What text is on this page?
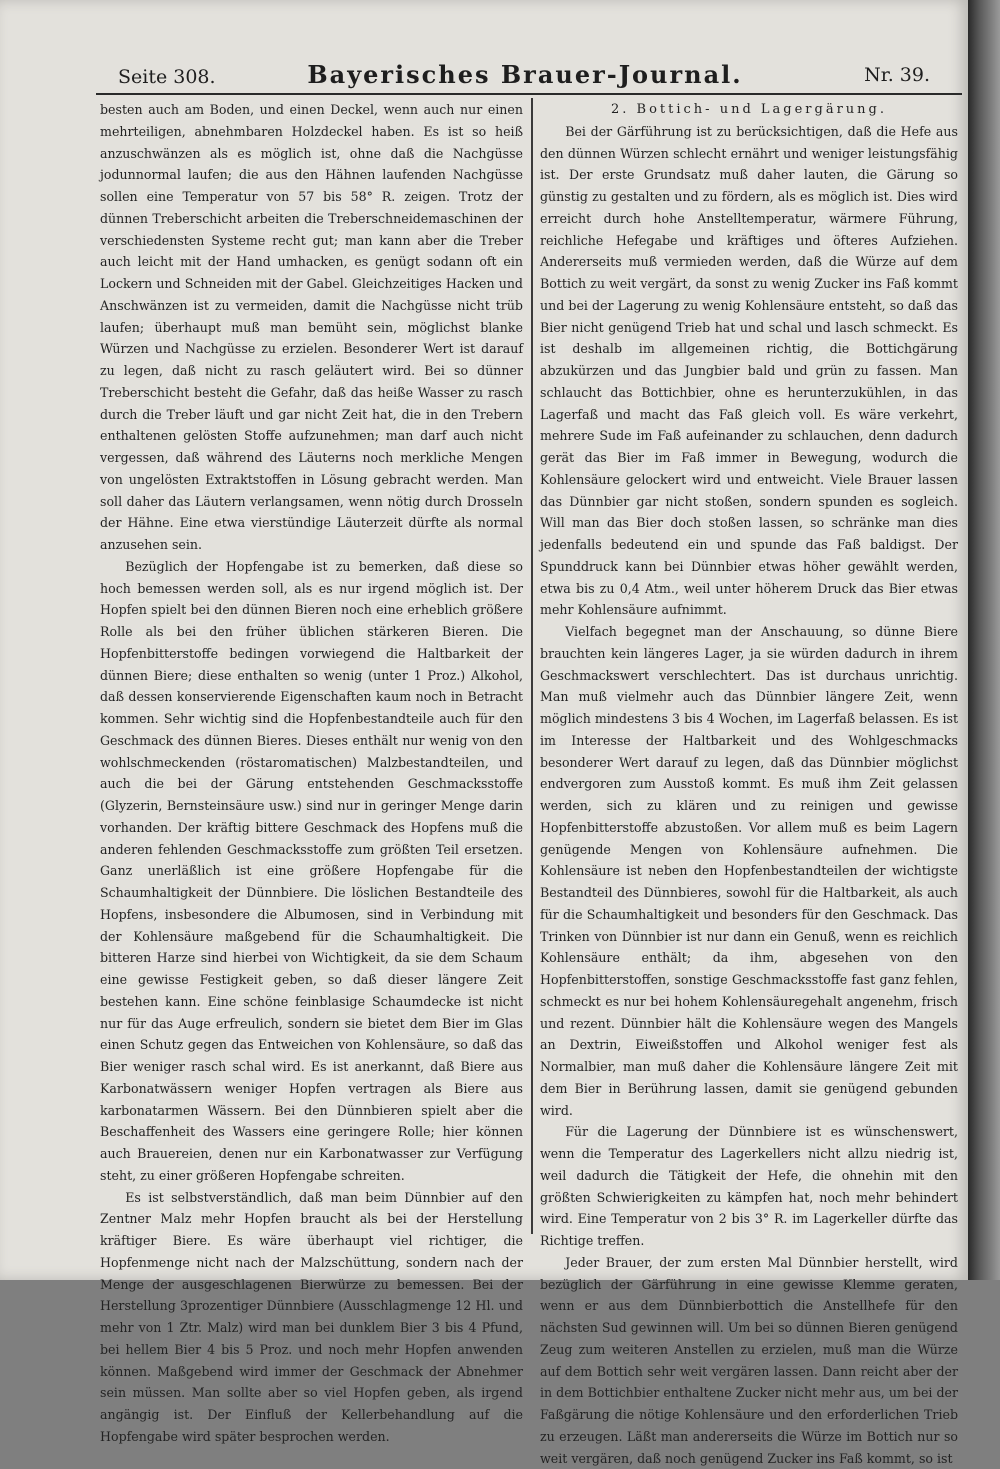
Seite 308.	Bayerisches Brauer-Journal.	Nr. 39.

besten auch am Boden, und einen Deckel, wenn auch nur einen mehrteiligen, abnehmbaren Holzdeckel haben. Es ist so heiß anzuschwänzen als es möglich ist, ohne daß die Nachgüsse jodunnormal laufen; die aus den Hähnen laufenden Nachgüsse sollen eine Temperatur von 57 bis 58° R. zeigen. Trotz der dünnen Treberschicht arbeiten die Treberschneidemaschinen der verschiedensten Systeme recht gut; man kann aber die Treber auch leicht mit der Hand umhacken, es genügt sodann oft ein Lockern und Schneiden mit der Gabel. Gleichzeitiges Hacken und Anschwänzen ist zu vermeiden, damit die Nachgüsse nicht trüb laufen; überhaupt muß man bemüht sein, möglichst blanke Würzen und Nachgüsse zu erzielen. Besonderer Wert ist darauf zu legen, daß nicht zu rasch geläutert wird. Bei so dünner Treberschicht besteht die Gefahr, daß das heiße Wasser zu rasch durch die Treber läuft und gar nicht Zeit hat, die in den Trebern enthaltenen gelösten Stoffe aufzunehmen; man darf auch nicht vergessen, daß während des Läuterns noch merkliche Mengen von ungelösten Extraktstoffen in Lösung gebracht werden. Man soll daher das Läutern verlangsamen, wenn nötig durch Drosseln der Hähne. Eine etwa vierstündige Läuterzeit dürfte als normal anzusehen sein.

Bezüglich der Hopfengabe ist zu bemerken, daß diese so hoch bemessen werden soll, als es nur irgend möglich ist. Der Hopfen spielt bei den dünnen Bieren noch eine erheblich größere Rolle als bei den früher üblichen stärkeren Bieren. Die Hopfenbitterstoffe bedingen vorwiegend die Haltbarkeit der dünnen Biere; diese enthalten so wenig (unter 1 Proz.) Alkohol, daß dessen konservierende Eigenschaften kaum noch in Betracht kommen. Sehr wichtig sind die Hopfenbestandteile auch für den Geschmack des dünnen Bieres. Dieses enthält nur wenig von den wohlschmeckenden (röstaromatischen) Malzbestandteilen, und auch die bei der Gärung entstehenden Geschmacksstoffe (Glyzerin, Bernsteinsäure usw.) sind nur in geringer Menge darin vorhanden. Der kräftig bittere Geschmack des Hopfens muß die anderen fehlenden Geschmacksstoffe zum größten Teil ersetzen. Ganz unerläßlich ist eine größere Hopfengabe für die Schaumhaltigkeit der Dünnbiere. Die löslichen Bestandteile des Hopfens, insbesondere die Albumosen, sind in Verbindung mit der Kohlensäure maßgebend für die Schaumhaltigkeit. Die bitteren Harze sind hierbei von Wichtigkeit, da sie dem Schaum eine gewisse Festigkeit geben, so daß dieser längere Zeit bestehen kann. Eine schöne feinblasige Schaumdecke ist nicht nur für das Auge erfreulich, sondern sie bietet dem Bier im Glas einen Schutz gegen das Entweichen von Kohlensäure, so daß das Bier weniger rasch schal wird. Es ist anerkannt, daß Biere aus Karbonatwässern weniger Hopfen vertragen als Biere aus karbonatarmen Wässern. Bei den Dünnbieren spielt aber die Beschaffenheit des Wassers eine geringere Rolle; hier können auch Brauereien, denen nur ein Karbonatwasser zur Verfügung steht, zu einer größeren Hopfengabe schreiten.

Es ist selbstverständlich, daß man beim Dünnbier auf den Zentner Malz mehr Hopfen braucht als bei der Herstellung kräftiger Biere. Es wäre überhaupt viel richtiger, die Hopfenmenge nicht nach der Malzschüttung, sondern nach der Menge der ausgeschlagenen Bierwürze zu bemessen. Bei der Herstellung 3prozentiger Dünnbiere (Ausschlagmenge 12 Hl. und mehr von 1 Ztr. Malz) wird man bei dunklem Bier 3 bis 4 Pfund, bei hellem Bier 4 bis 5 Proz. und noch mehr Hopfen anwenden können. Maßgebend wird immer der Geschmack der Abnehmer sein müssen. Man sollte aber so viel Hopfen geben, als irgend angängig ist. Der Einfluß der Kellerbehandlung auf die Hopfengabe wird später besprochen werden.

2. Bottich- und Lagergärung.

Bei der Gärführung ist zu berücksichtigen, daß die Hefe aus den dünnen Würzen schlecht ernährt und weniger leistungsfähig ist. Der erste Grundsatz muß daher lauten, die Gärung so günstig zu gestalten und zu fördern, als es möglich ist. Dies wird erreicht durch hohe Anstelltemperatur, wärmere Führung, reichliche Hefegabe und kräftiges und öfteres Aufziehen. Andererseits muß vermieden werden, daß die Würze auf dem Bottich zu weit vergärt, da sonst zu wenig Zucker ins Faß kommt und bei der Lagerung zu wenig Kohlensäure entsteht, so daß das Bier nicht genügend Trieb hat und schal und lasch schmeckt. Es ist deshalb im allgemeinen richtig, die Bottichgärung abzukürzen und das Jungbier bald und grün zu fassen. Man schlaucht das Bottichbier, ohne es herunterzukühlen, in das Lagerfaß und macht das Faß gleich voll. Es wäre verkehrt, mehrere Sude im Faß aufeinander zu schlauchen, denn dadurch gerät das Bier im Faß immer in Bewegung, wodurch die Kohlensäure gelockert wird und entweicht. Viele Brauer lassen das Dünnbier gar nicht stoßen, sondern spunden es sogleich. Will man das Bier doch stoßen lassen, so schränke man dies jedenfalls bedeutend ein und spunde das Faß baldigst. Der Spunddruck kann bei Dünnbier etwas höher gewählt werden, etwa bis zu 0,4 Atm., weil unter höherem Druck das Bier etwas mehr Kohlensäure aufnimmt.

Vielfach begegnet man der Anschauung, so dünne Biere brauchten kein längeres Lager, ja sie würden dadurch in ihrem Geschmackswert verschlechtert. Das ist durchaus unrichtig. Man muß vielmehr auch das Dünnbier längere Zeit, wenn möglich mindestens 3 bis 4 Wochen, im Lagerfaß belassen. Es ist im Interesse der Haltbarkeit und des Wohlgeschmacks besonderer Wert darauf zu legen, daß das Dünnbier möglichst endvergoren zum Ausstoß kommt. Es muß ihm Zeit gelassen werden, sich zu klären und zu reinigen und gewisse Hopfenbitterstoffe abzustoßen. Vor allem muß es beim Lagern genügende Mengen von Kohlensäure aufnehmen. Die Kohlensäure ist neben den Hopfenbestandteilen der wichtigste Bestandteil des Dünnbieres, sowohl für die Haltbarkeit, als auch für die Schaumhaltigkeit und besonders für den Geschmack. Das Trinken von Dünnbier ist nur dann ein Genuß, wenn es reichlich Kohlensäure enthält; da ihm, abgesehen von den Hopfenbitterstoffen, sonstige Geschmacksstoffe fast ganz fehlen, schmeckt es nur bei hohem Kohlensäuregehalt angenehm, frisch und rezent. Dünnbier hält die Kohlensäure wegen des Mangels an Dextrin, Eiweißstoffen und Alkohol weniger fest als Normalbier, man muß daher die Kohlensäure längere Zeit mit dem Bier in Berührung lassen, damit sie genügend gebunden wird.

Für die Lagerung der Dünnbiere ist es wünschenswert, wenn die Temperatur des Lagerkellers nicht allzu niedrig ist, weil dadurch die Tätigkeit der Hefe, die ohnehin mit den größten Schwierigkeiten zu kämpfen hat, noch mehr behindert wird. Eine Temperatur von 2 bis 3° R. im Lagerkeller dürfte das Richtige treffen.

Jeder Brauer, der zum ersten Mal Dünnbier herstellt, wird bezüglich der Gärführung in eine gewisse Klemme geraten, wenn er aus dem Dünnbierbottich die Anstellhefe für den nächsten Sud gewinnen will. Um bei so dünnen Bieren genügend Zeug zum weiteren Anstellen zu erzielen, muß man die Würze auf dem Bottich sehr weit vergären lassen. Dann reicht aber der in dem Bottichbier enthaltene Zucker nicht mehr aus, um bei der Faßgärung die nötige Kohlensäure und den erforderlichen Trieb zu erzeugen. Läßt man andererseits die Würze im Bottich nur so weit vergären, daß noch genügend Zucker ins Faß kommt, so ist
